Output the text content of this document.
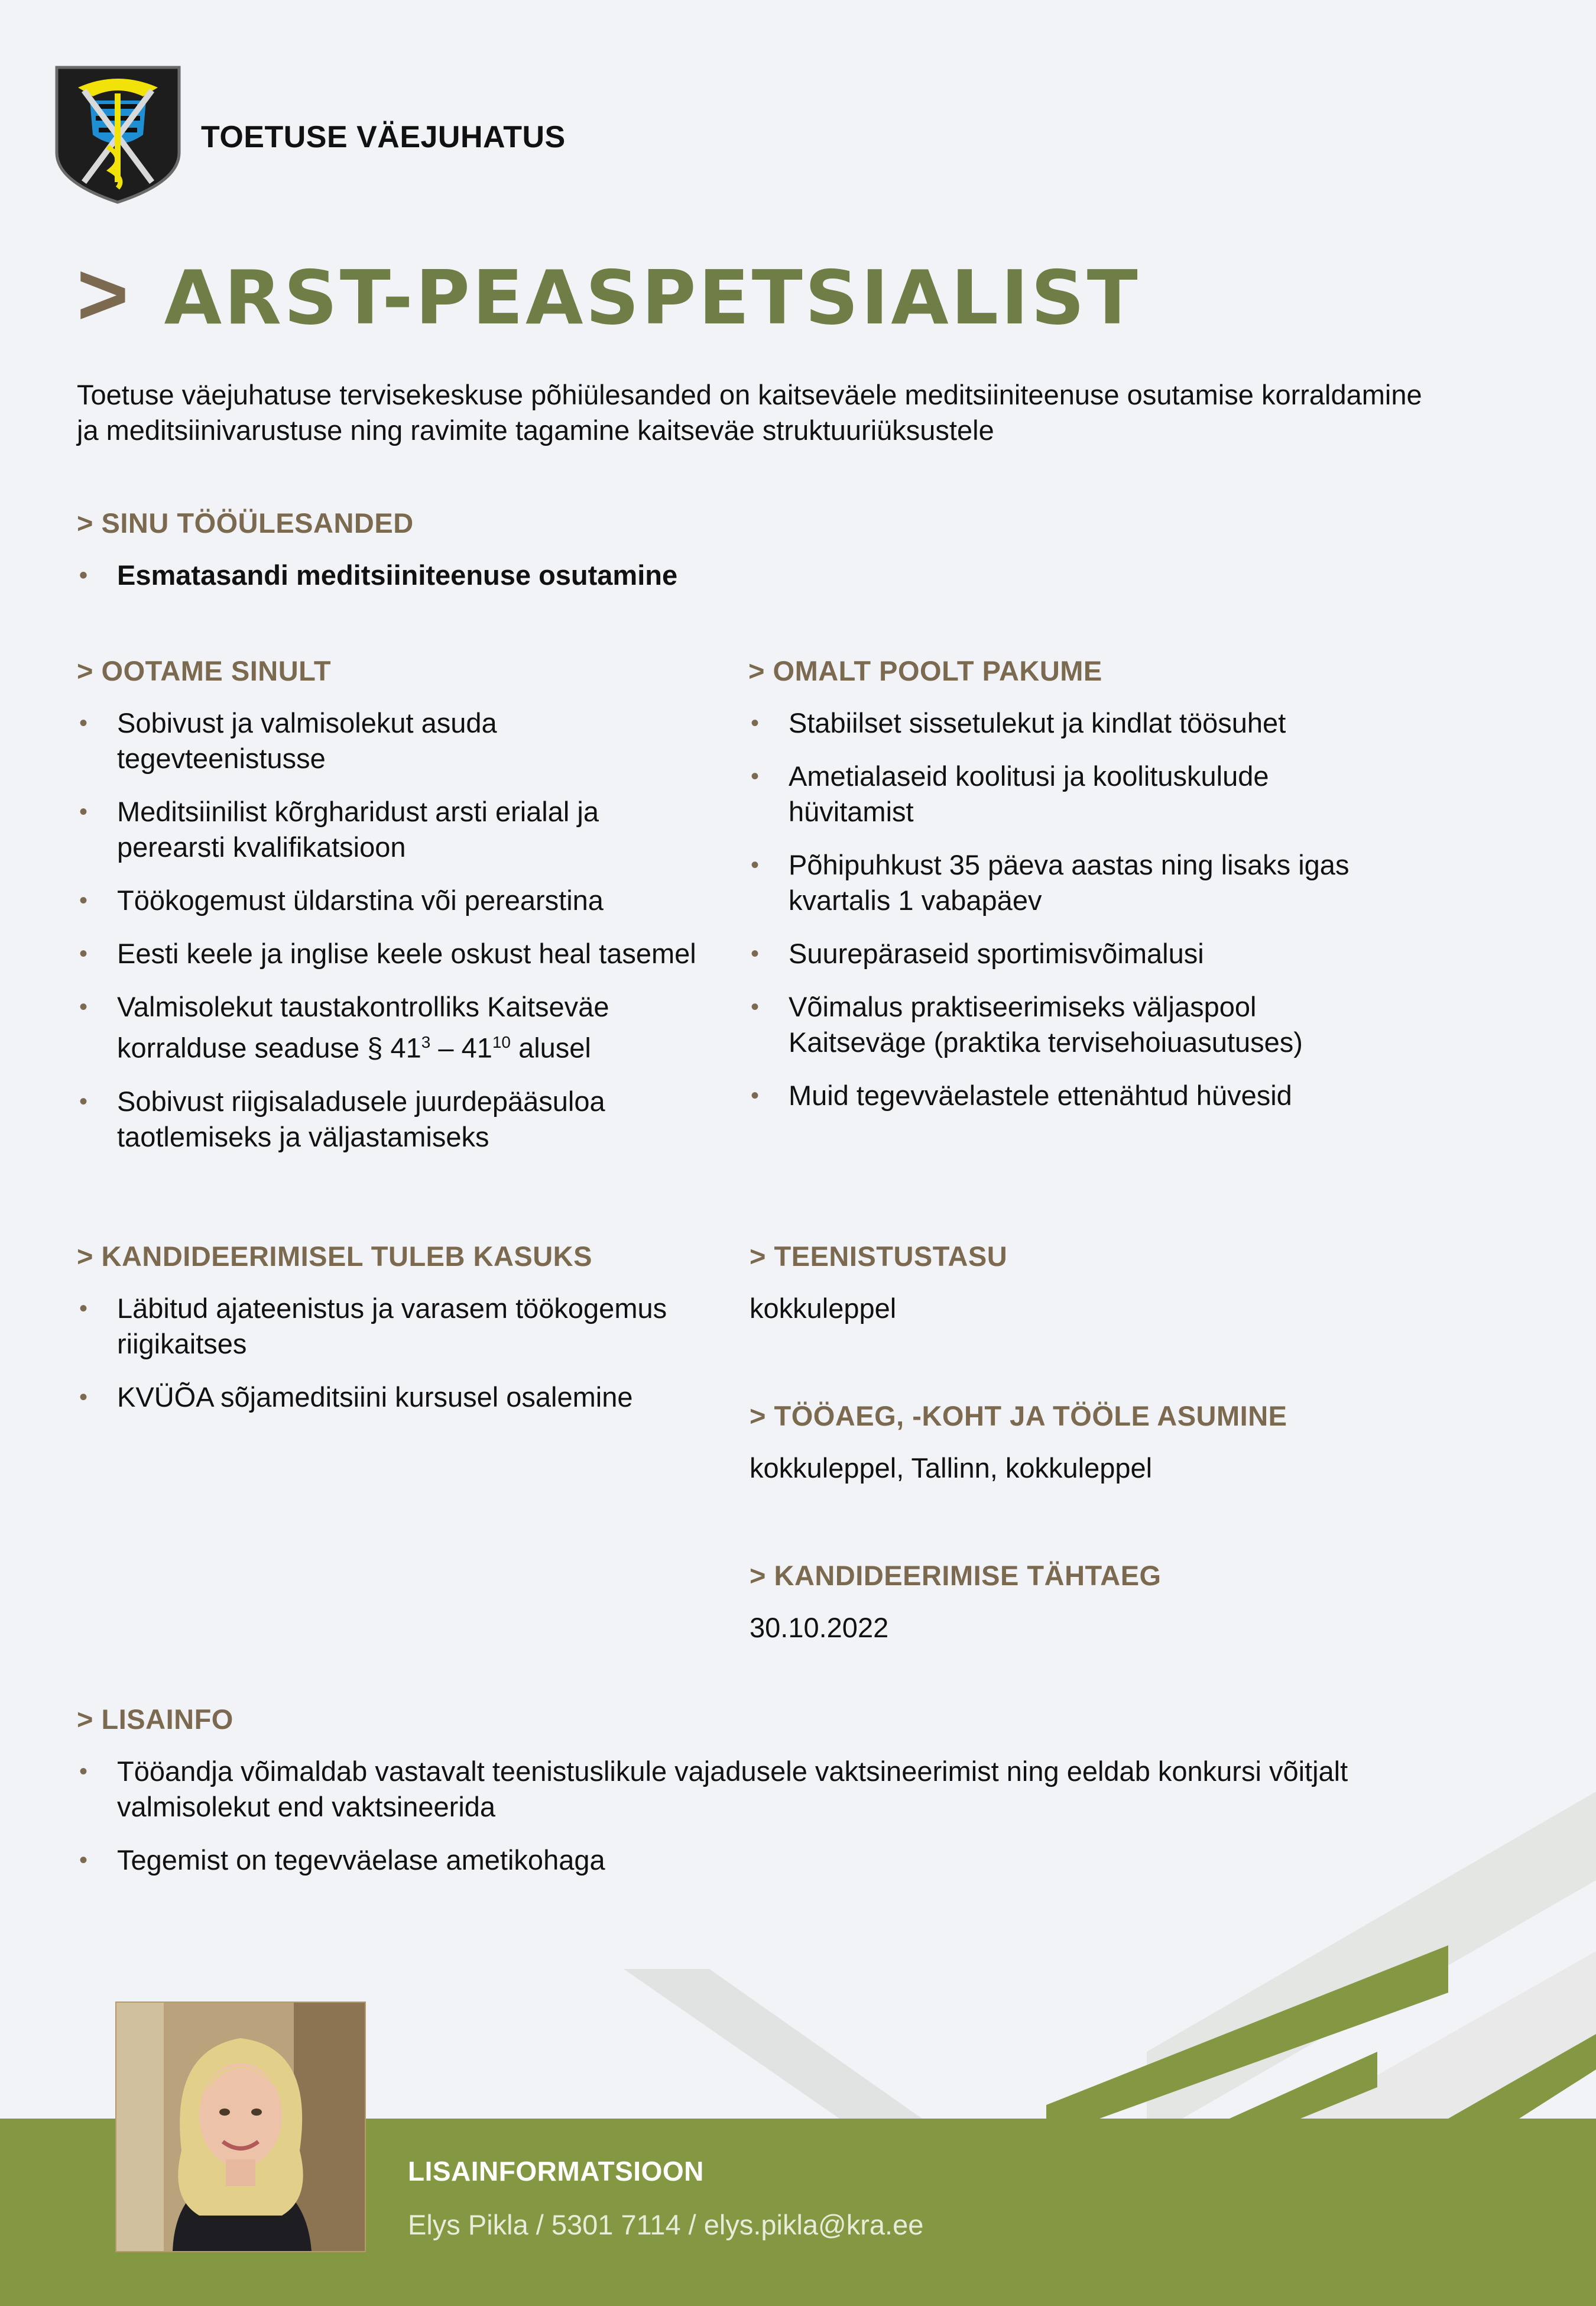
TOETUSE VÄEJUHATUS
> ARST-PEASPETSIALIST
Toetuse väejuhatuse tervisekeskuse põhiülesanded on kaitseväele meditsiiniteenuse osutamise korraldamine ja meditsiinivarustuse ning ravimite tagamine kaitseväe struktuuriüksustele
> SINU TÖÖÜLESANDED
• Esmatasandi meditsiiniteenuse osutamine
> OOTAME SINULT
• Sobivust ja valmisolekut asuda tegevteenistusse
• Meditsiinilist kõrgharidust arsti erialal ja perearsti kvalifikatsioon
• Töökogemust üldarstina või perearstina
• Eesti keele ja inglise keele oskust heal tasemel
• Valmisolekut taustakontrolliks Kaitseväe korralduse seaduse § $41^3 - 41^{10}$ alusel
• Sobivust riigisaladusele juurdepääsuloa taotlemiseks ja väljastamiseks
> OMALT POOLT PAKUME
• Stabiilset sissetulekut ja kindlat töösuhet
• Ametialaseid koolitusi ja koolituskulude hüvitamist
• Põhipuhkust 35 päeva aastas ning lisaks igas kvartalis 1 vabapäev
• Suurepäraseid sportimisvõimalusi
• Võimalus praktiseerimiseks väljaspool Kaitseväge (praktika tervisehoiuasutuses)
• Muid tegevväelastele ettenähtud hüvesid
> KANDIDEERIMISEL TULEB KASUKS
• Läbitud ajateenistus ja varasem töökogemus riigikaitses
• KVÜÕA sõjameditsiini kursusel osalemine
> TEENISTUSTASU
kokkuleppel
> TÖÖAEG, -KOHT JA TÖÖLE ASUMINE
kokkuleppel, Tallinn, kokkuleppel
> KANDIDEERIMISE TÄHTAEG
30.10.2022
> LISAINFO
• Tööandja võimaldab vastavalt teenistuslikule vajadusele vaktsineerimist ning eeldab konkursi võitjalt valmisolekut end vaktsineerida
• Tegemist on tegevväelase ametikohaga
LISAINFORMATSIOON
Elys Pikla / 5301 7114 / elys.pikla@kra.ee
